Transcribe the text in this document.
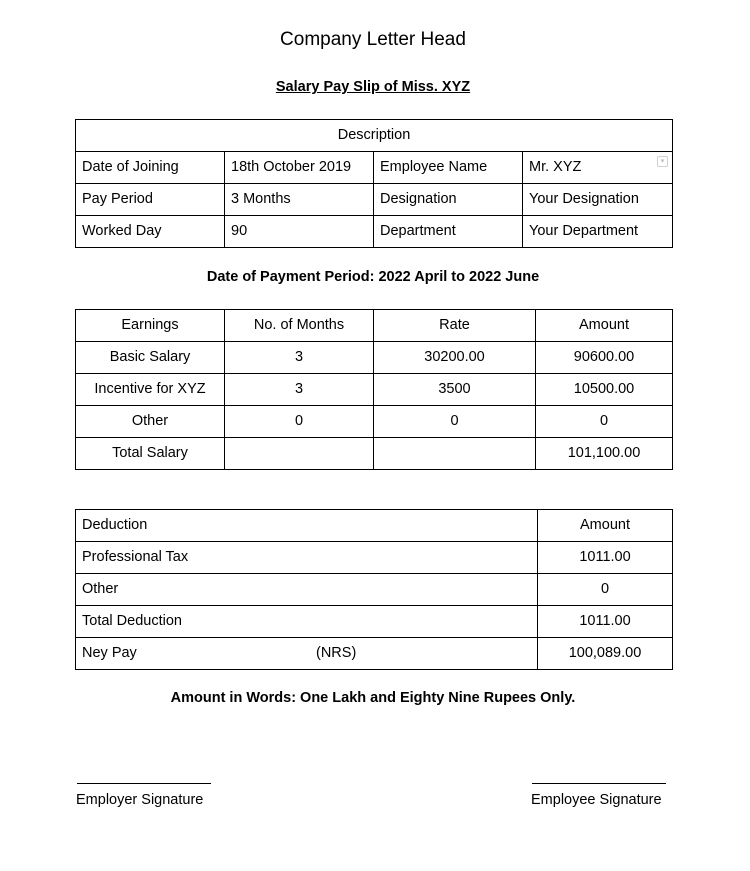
Company Letter Head
Salary Pay Slip of Miss. XYZ
Description			
Date of Joining	18th October 2019	Employee Name	Mr. XYZ ▾

Pay Period	3 Months	Designation	Your Designation
Worked Day	90	Department	Your Department
Date of Payment Period: 2022 April to 2022 June
Earnings	No. of Months	Rate	Amount
Basic Salary	3	30200.00	90600.00
Incentive for XYZ	3	3500	10500.00
Other	0	0	0
Total Salary			101,100.00
Deduction	Amount
Professional Tax	1011.00
Other	0
Total Deduction	1011.00
Ney Pay (NRS)	100,089.00
Amount in Words: One Lakh and Eighty Nine Rupees Only.
Employer Signature	Employee Signature
